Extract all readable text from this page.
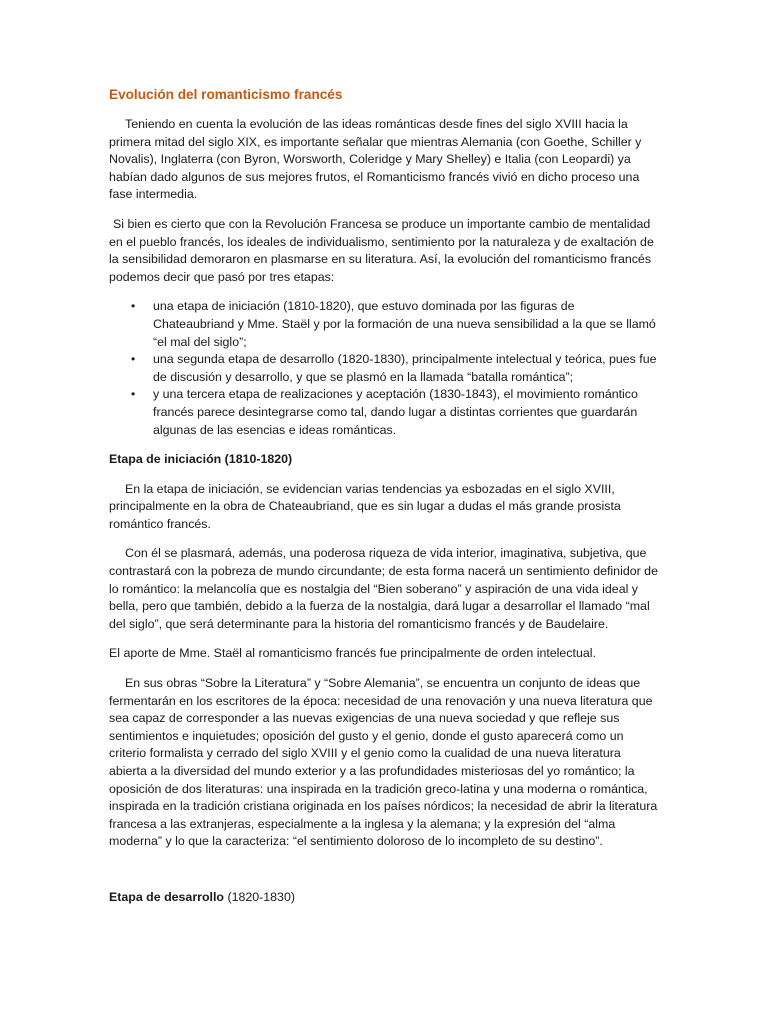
Evolución del romanticismo francés

Teniendo en cuenta la evolución de las ideas románticas desde fines del siglo XVIII hacia la primera mitad del siglo XIX, es importante señalar que mientras Alemania (con Goethe, Schiller y Novalis), Inglaterra (con Byron, Worsworth, Coleridge y Mary Shelley) e Italia (con Leopardi) ya habían dado algunos de sus mejores frutos, el Romanticismo francés vivió en dicho proceso una fase intermedia.

Si bien es cierto que con la Revolución Francesa se produce un importante cambio de mentalidad en el pueblo francés, los ideales de individualismo, sentimiento por la naturaleza y de exaltación de la sensibilidad demoraron en plasmarse en su literatura. Así, la evolución del romanticismo francés podemos decir que pasó por tres etapas:

• una etapa de iniciación (1810-1820), que estuvo dominada por las figuras de Chateaubriand y Mme. Staël y por la formación de una nueva sensibilidad a la que se llamó “el mal del siglo”;
• una segunda etapa de desarrollo (1820-1830), principalmente intelectual y teórica, pues fue de discusión y desarrollo, y que se plasmó en la llamada “batalla romántica”;
• y una tercera etapa de realizaciones y aceptación (1830-1843), el movimiento romántico francés parece desintegrarse como tal, dando lugar a distintas corrientes que guardarán algunas de las esencias e ideas románticas.
Etapa de iniciación (1810-1820)

En la etapa de iniciación, se evidencian varias tendencias ya esbozadas en el siglo XVIII, principalmente en la obra de Chateaubriand, que es sin lugar a dudas el más grande prosista romántico francés.

Con él se plasmará, además, una poderosa riqueza de vida interior, imaginativa, subjetiva, que contrastará con la pobreza de mundo circundante; de esta forma nacerá un sentimiento definidor de lo romántico: la melancolía que es nostalgia del “Bien soberano” y aspiración de una vida ideal y bella, pero que también, debido a la fuerza de la nostalgia, dará lugar a desarrollar el llamado “mal del siglo”, que será determinante para la historia del romanticismo francés y de Baudelaire.

El aporte de Mme. Staël al romanticismo francés fue principalmente de orden intelectual.

En sus obras “Sobre la Literatura” y “Sobre Alemania”, se encuentra un conjunto de ideas que fermentarán en los escritores de la época: necesidad de una renovación y una nueva literatura que sea capaz de corresponder a las nuevas exigencias de una nueva sociedad y que refleje sus sentimientos e inquietudes; oposición del gusto y el genio, donde el gusto aparecerá como un criterio formalista y cerrado del siglo XVIII y el genio como la cualidad de una nueva literatura abierta a la diversidad del mundo exterior y a las profundidades misteriosas del yo romántico; la oposición de dos literaturas: una inspirada en la tradición greco-latina y una moderna o romántica, inspirada en la tradición cristiana originada en los países nórdicos; la necesidad de abrir la literatura francesa a las extranjeras, especialmente a la inglesa y la alemana; y la expresión del “alma moderna” y lo que la caracteriza: “el sentimiento doloroso de lo incompleto de su destino”.

Etapa de desarrollo (1820-1830)
